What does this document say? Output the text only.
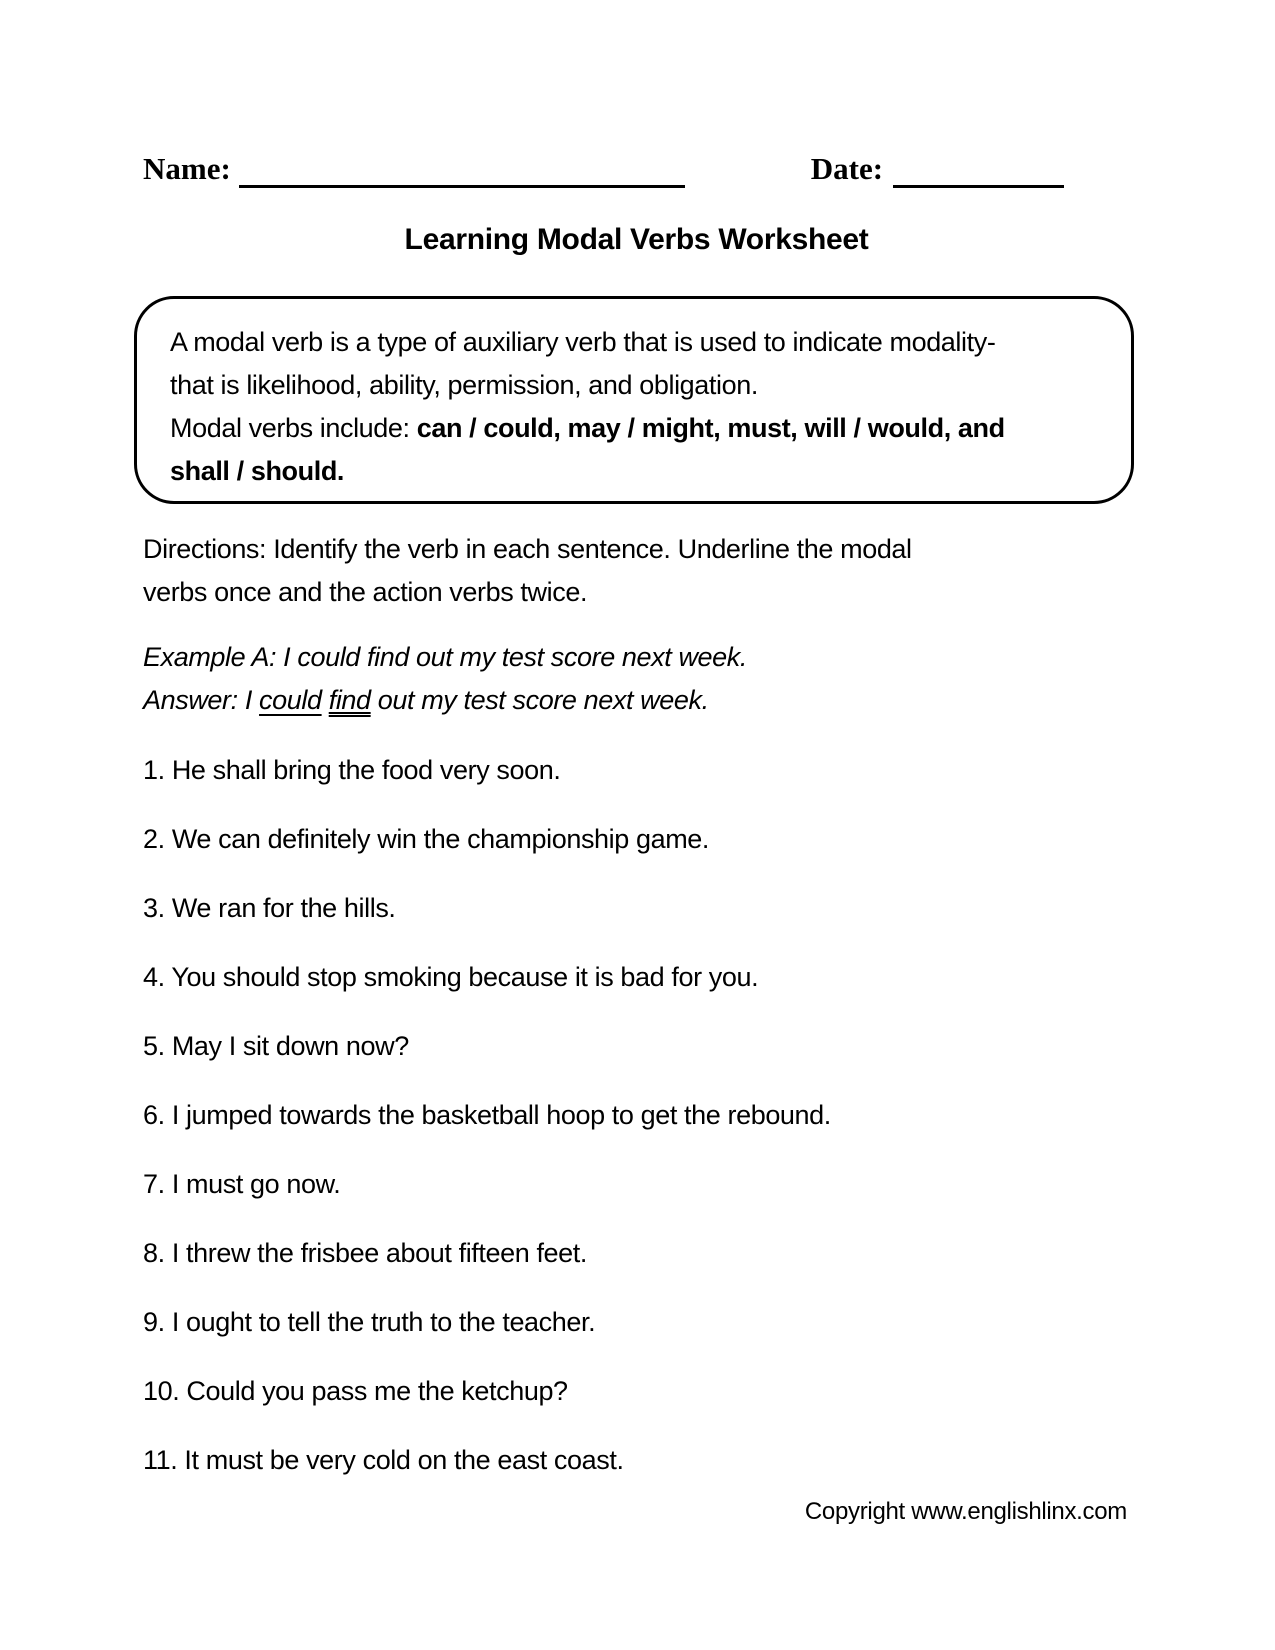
Name:	Date:
Learning Modal Verbs Worksheet
A modal verb is a type of auxiliary verb that is used to indicate modality-
that is likelihood, ability, permission, and obligation.
Modal verbs include: can / could, may / might, must, will / would, and
shall / should.
Directions: Identify the verb in each sentence. Underline the modal
verbs once and the action verbs twice.
Example A: I could find out my test score next week.
Answer: I could find out my test score next week.
1. He shall bring the food very soon.
2. We can definitely win the championship game.
3. We ran for the hills.
4. You should stop smoking because it is bad for you.
5. May I sit down now?
6. I jumped towards the basketball hoop to get the rebound.
7. I must go now.
8. I threw the frisbee about fifteen feet.
9. I ought to tell the truth to the teacher.
10. Could you pass me the ketchup?
11. It must be very cold on the east coast.
Copyright www.englishlinx.com
